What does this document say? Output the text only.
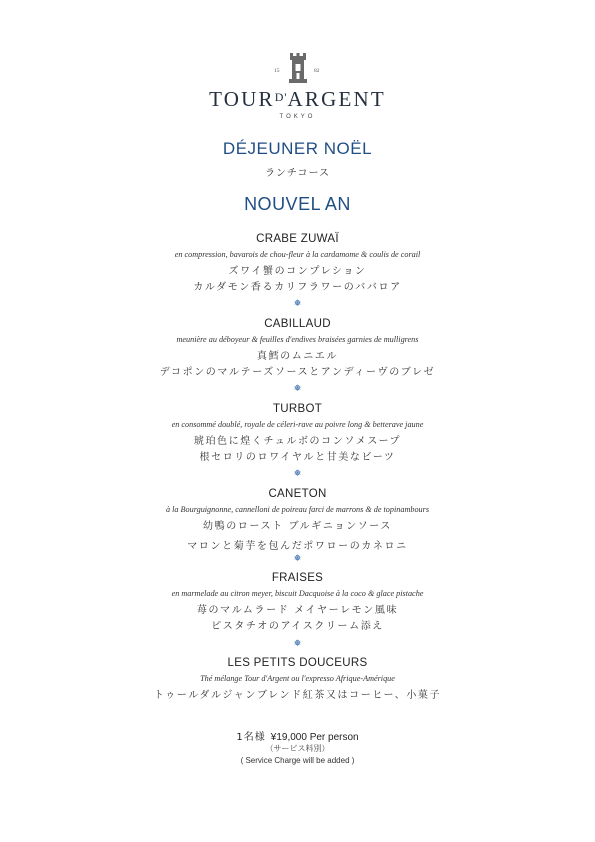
15	82
$TOUR^{D'}ARGENT$
TOKYO
DÉJEUNER NOËL
ランチコース
NOUVEL AN
CRABE ZUWAÏ
en compression, bavarois de chou-fleur à la cardamome & coulis de corail
ズワイ蟹のコンプレション
カルダモン香るカリフラワーのババロア
❅
CABILLAUD
meunière au déboyeur & feuilles d'endives braisées garnies de mulligrens
真鱈のムニエル
デコポンのマルテーズソースとアンディーヴのブレゼ
❅
TURBOT
en consommé doublé, royale de céleri-rave au poivre long & betterave jaune
琥珀色に煌くチュルボのコンソメスープ
根セロリのロワイヤルと甘美なビーツ
❅
CANETON
à la Bourguignonne, cannelloni de poireau farci de marrons & de topinambours
幼鴨のロースト ブルギニョンソース
マロンと菊芋を包んだポワローのカネロニ
❅
FRAISES
en marmelade au citron meyer, biscuit Dacquoise à la coco & glace pistache
苺のマルムラード メイヤーレモン風味
ピスタチオのアイスクリーム添え
❅
LES PETITS DOUCEURS
Thé mélange Tour d'Argent ou l'expresso Afrique-Amérique
トゥールダルジャンブレンド紅茶又はコーヒー、小菓子
1名様 ¥19,000 Per person
（サービス料別）
( Service Charge will be added )
